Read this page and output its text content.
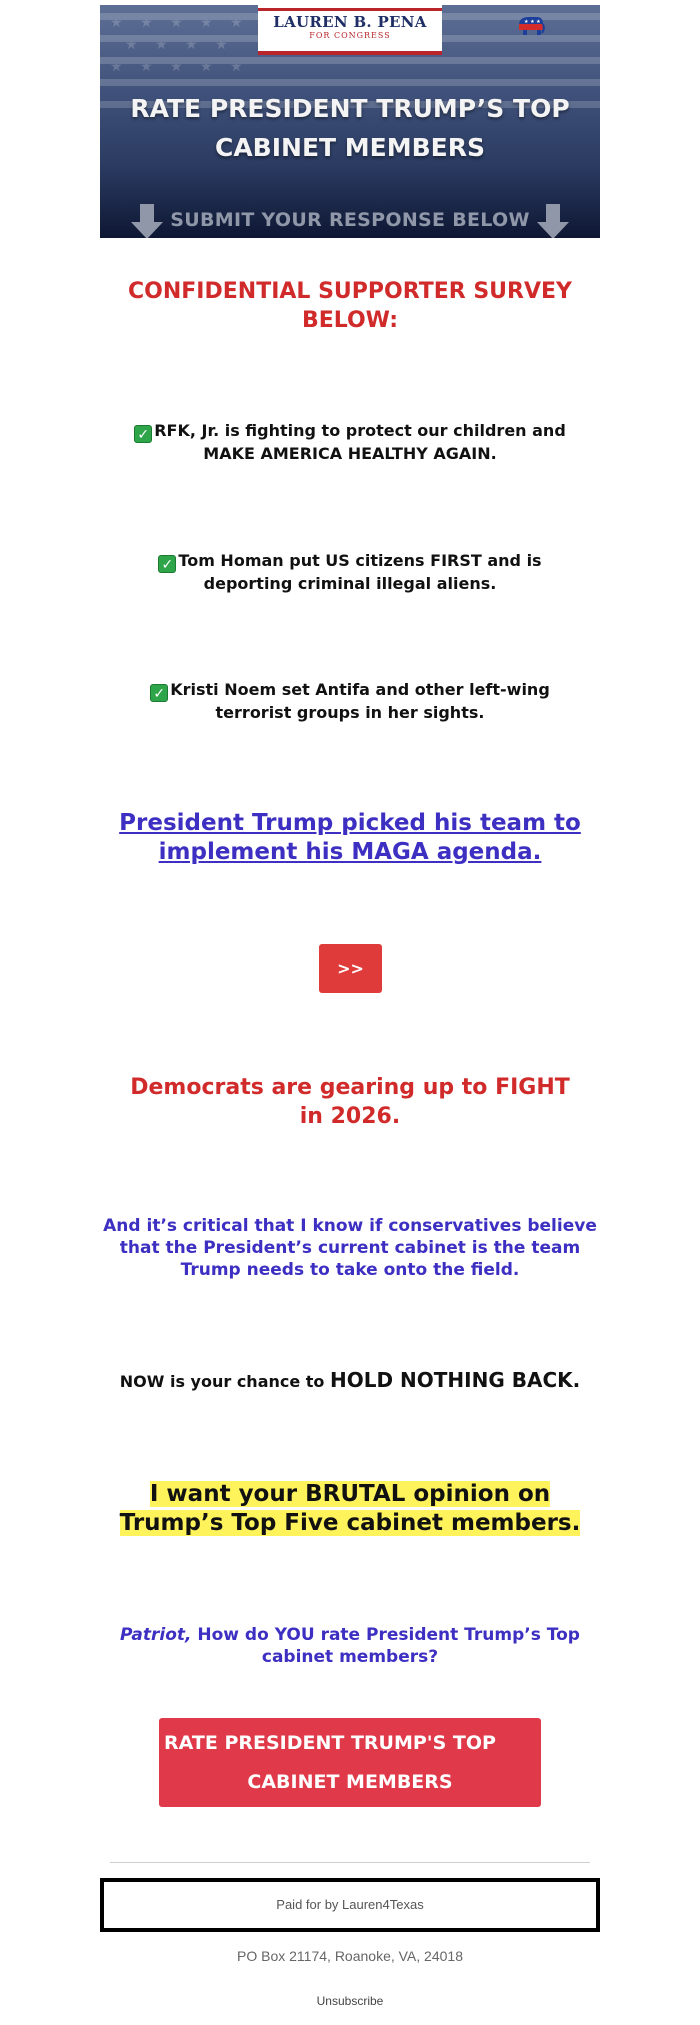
★ ★ ★ ★ ★
★ ★ ★ ★
★ ★ ★ ★ ★
LAUREN B. PENA
FOR CONGRESS
★ ★ ★
RATE PRESIDENT TRUMP’S TOP
CABINET MEMBERS
SUBMIT YOUR RESPONSE BELOW
CONFIDENTIAL SUPPORTER SURVEY BELOW:
✓ RFK, Jr. is fighting to protect our children and
MAKE AMERICA HEALTHY AGAIN.
✓ Tom Homan put US citizens FIRST and is
deporting criminal illegal aliens.
✓ Kristi Noem set Antifa and other left-wing
terrorist groups in her sights.
President Trump picked his team to
implement his MAGA agenda.
>>
Democrats are gearing up to FIGHT
in 2026.
And it’s critical that I know if conservatives believe
that the President’s current cabinet is the team
Trump needs to take onto the field.
NOW is your chance to HOLD NOTHING BACK.
I want your BRUTAL opinion on
Trump’s Top Five cabinet members.
Patriot, How do YOU rate President Trump’s Top
cabinet members?
RATE PRESIDENT TRUMP'S TOP
CABINET MEMBERS
Paid for by Lauren4Texas
PO Box 21174, Roanoke, VA, 24018
Unsubscribe
